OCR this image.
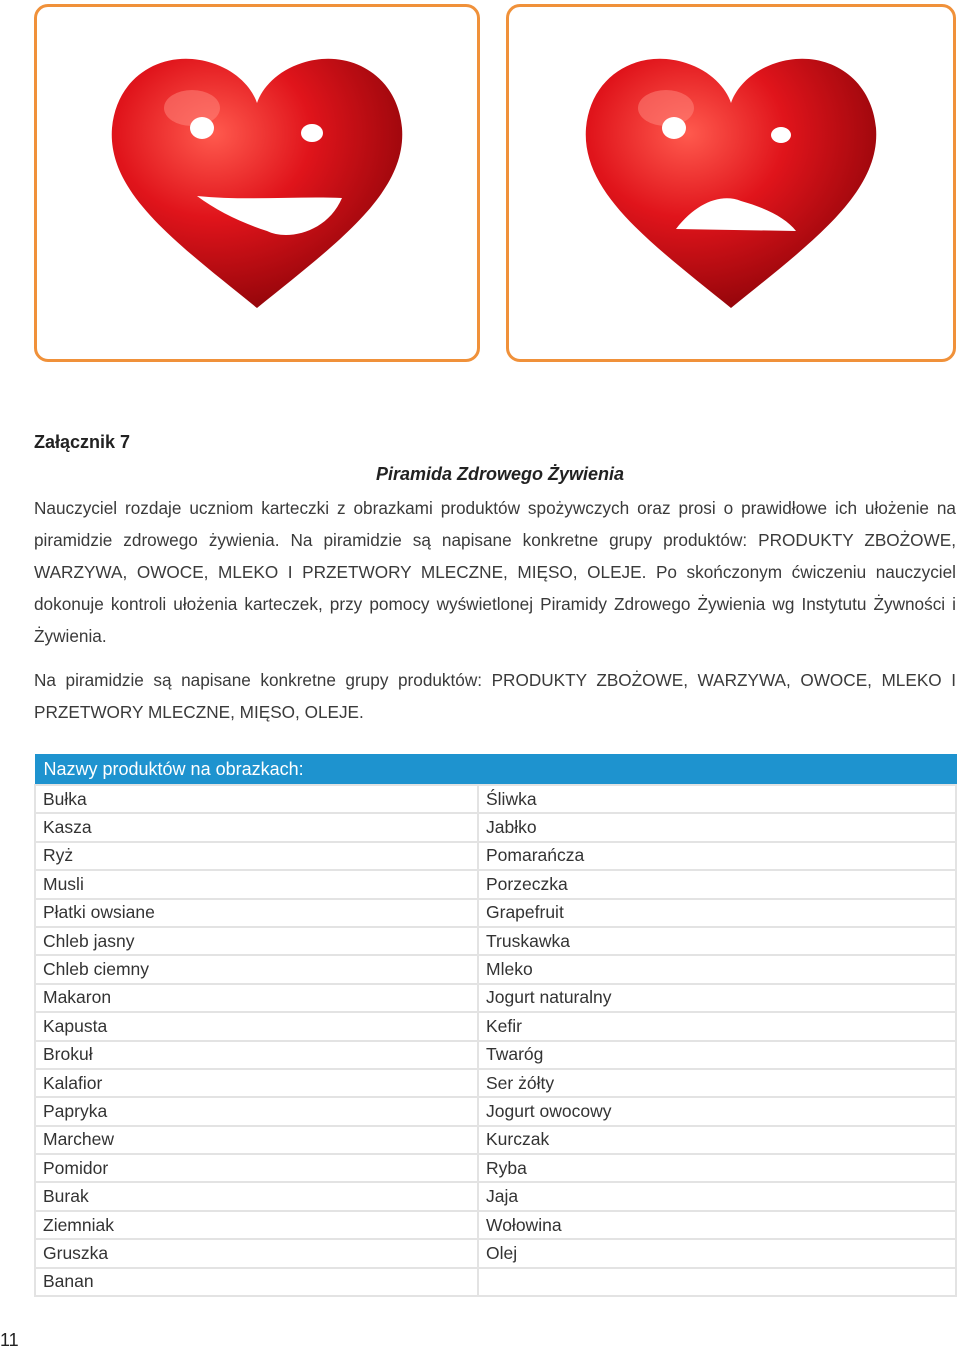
Załącznik 7
Piramida Zdrowego Żywienia

Nauczyciel rozdaje uczniom karteczki z obrazkami produktów spożywczych oraz prosi o prawidłowe ich ułożenie na piramidzie zdrowego żywienia. Na piramidzie są napisane konkretne grupy produktów: PRODUKTY ZBOŻOWE, WARZYWA, OWOCE, MLEKO I PRZETWORY MLECZNE, MIĘSO, OLEJE. Po skończonym ćwiczeniu nauczyciel dokonuje kontroli ułożenia karteczek, przy pomocy wyświetlonej Piramidy Zdrowego Żywienia wg Instytutu Żywności i Żywienia.

Na piramidzie są napisane konkretne grupy produktów: PRODUKTY ZBOŻOWE, WARZYWA, OWOCE, MLEKO I PRZETWORY MLECZNE, MIĘSO, OLEJE.

Nazwy produktów na obrazkach:	
Bułka	Śliwka
Kasza	Jabłko
Ryż	Pomarańcza
Musli	Porzeczka
Płatki owsiane	Grapefruit
Chleb jasny	Truskawka
Chleb ciemny	Mleko
Makaron	Jogurt naturalny
Kapusta	Kefir
Brokuł	Twaróg
Kalafior	Ser żółty
Papryka	Jogurt owocowy
Marchew	Kurczak
Pomidor	Ryba
Burak	Jaja
Ziemniak	Wołowina
Gruszka	Olej
Banan	
11
